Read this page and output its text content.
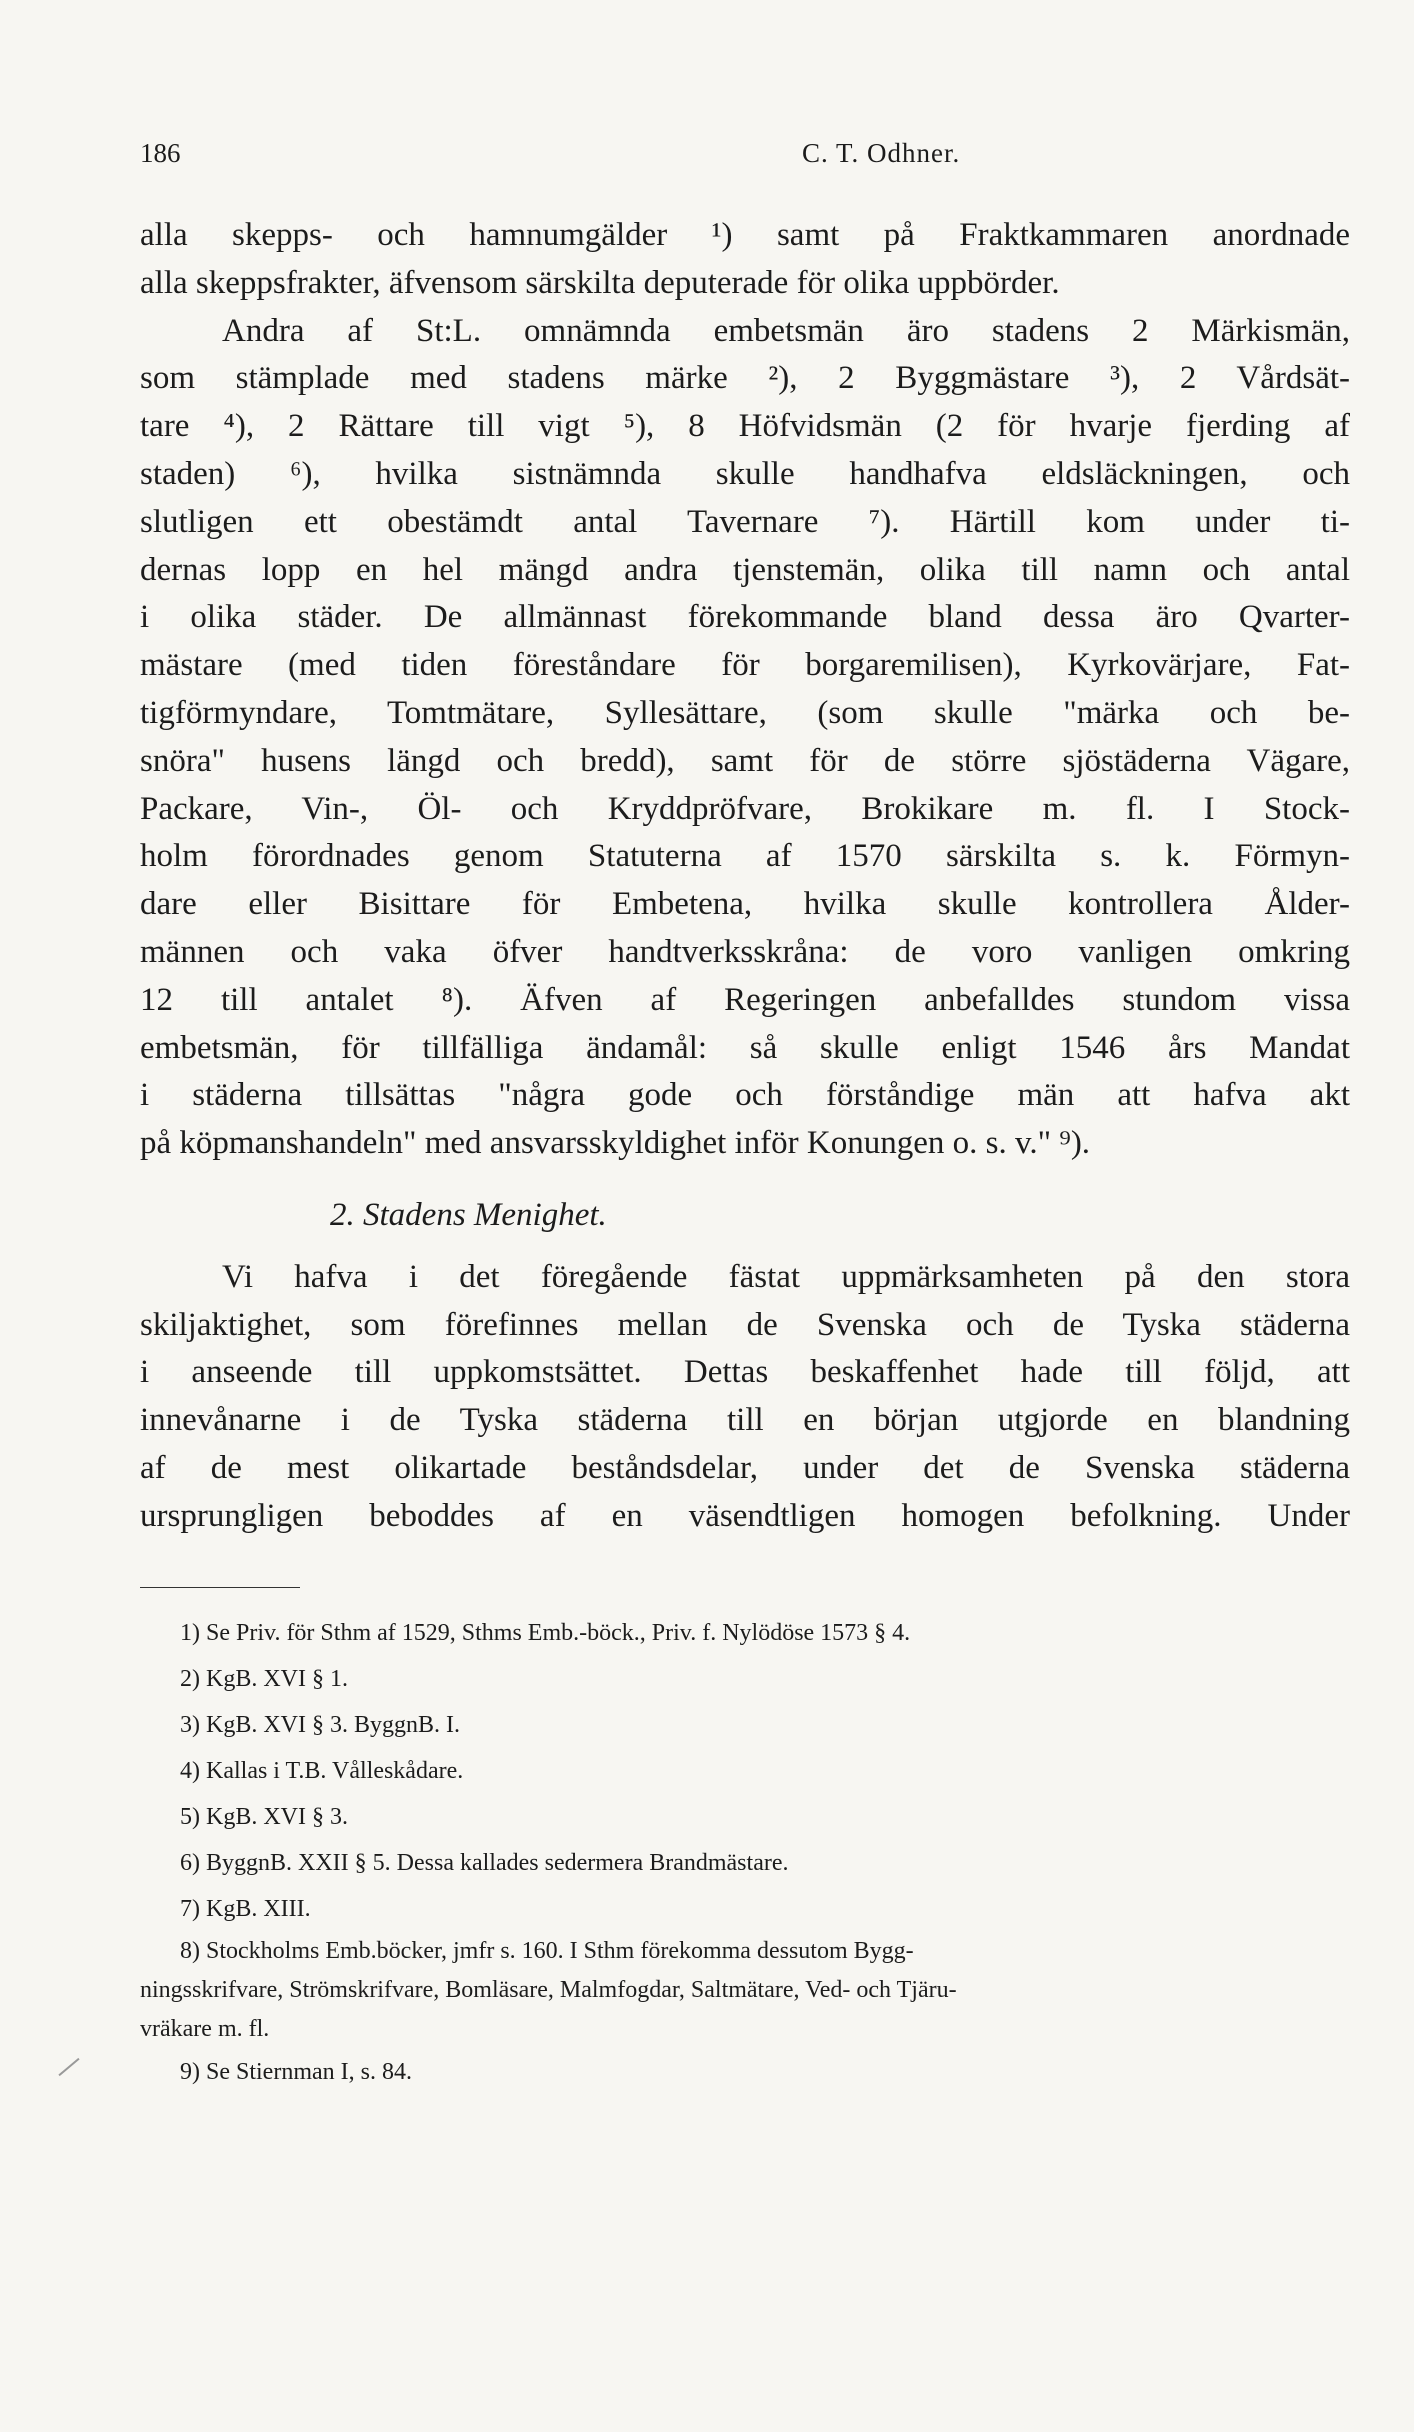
186	C. T. Odhner.
alla skepps- och hamnumgälder ¹) samt på Fraktkammaren anordnade
alla skeppsfrakter, äfvensom särskilta deputerade för olika uppbörder.
Andra af St:L. omnämnda embetsmän äro stadens 2 Märkismän,
som stämplade med stadens märke ²), 2 Byggmästare ³), 2 Vårdsät-
tare ⁴), 2 Rättare till vigt ⁵), 8 Höfvidsmän (2 för hvarje fjerding af
staden) ⁶), hvilka sistnämnda skulle handhafva eldsläckningen, och
slutligen ett obestämdt antal Tavernare ⁷). Härtill kom under ti-
dernas lopp en hel mängd andra tjenstemän, olika till namn och antal
i olika städer. De allmännast förekommande bland dessa äro Qvarter-
mästare (med tiden föreståndare för borgaremilisen), Kyrkovärjare, Fat-
tigförmyndare, Tomtmätare, Syllesättare, (som skulle "märka och be-
snöra" husens längd och bredd), samt för de större sjöstäderna Vägare,
Packare, Vin-, Öl- och Kryddpröfvare, Brokikare m. fl. I Stock-
holm förordnades genom Statuterna af 1570 särskilta s. k. Förmyn-
dare eller Bisittare för Embetena, hvilka skulle kontrollera Ålder-
männen och vaka öfver handtverksskråna: de voro vanligen omkring
12 till antalet ⁸). Äfven af Regeringen anbefalldes stundom vissa
embetsmän, för tillfälliga ändamål: så skulle enligt 1546 års Mandat
i städerna tillsättas "några gode och förståndige män att hafva akt
på köpmanshandeln" med ansvarsskyldighet inför Konungen o. s. v." ⁹).
2. Stadens Menighet.
Vi hafva i det föregående fästat uppmärksamheten på den stora
skiljaktighet, som förefinnes mellan de Svenska och de Tyska städerna
i anseende till uppkomstsättet. Dettas beskaffenhet hade till följd, att
innevånarne i de Tyska städerna till en början utgjorde en blandning
af de mest olikartade beståndsdelar, under det de Svenska städerna
ursprungligen beboddes af en väsendtligen homogen befolkning. Under

1) Se Priv. för Sthm af 1529, Sthms Emb.-böck., Priv. f. Nylödöse 1573 § 4.

2) KgB. XVI § 1.

3) KgB. XVI § 3. ByggnB. I.

4) Kallas i T.B. Vålleskådare.

5) KgB. XVI § 3.

6) ByggnB. XXII § 5. Dessa kallades sedermera Brandmästare.

7) KgB. XIII.

8) Stockholms Emb.böcker, jmfr s. 160. I Sthm förekomma dessutom Bygg-
ningsskrifvare, Strömskrifvare, Bomläsare, Malmfogdar, Saltmätare, Ved- och Tjäru-
vräkare m. fl.

9) Se Stiernman I, s. 84.
